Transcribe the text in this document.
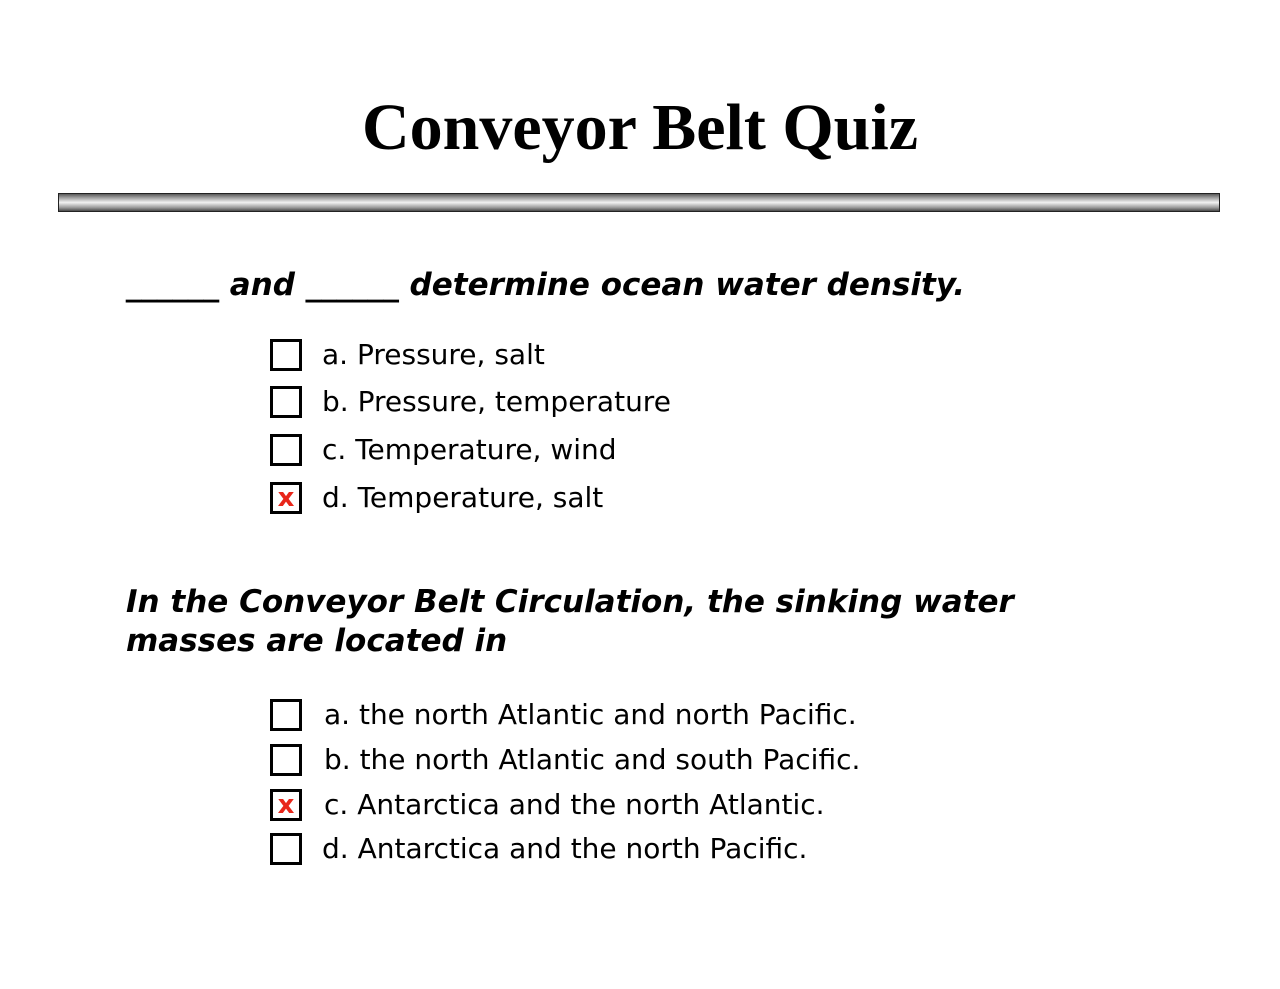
Conveyor Belt Quiz
______ and ______ determine ocean water density.
a. Pressure, salt
b. Pressure, temperature
c. Temperature, wind
x d. Temperature, salt
In the Conveyor Belt Circulation, the sinking water masses are located in
a. the north Atlantic and north Pacific.
b. the north Atlantic and south Pacific.
x c. Antarctica and the north Atlantic.
d. Antarctica and the north Pacific.
